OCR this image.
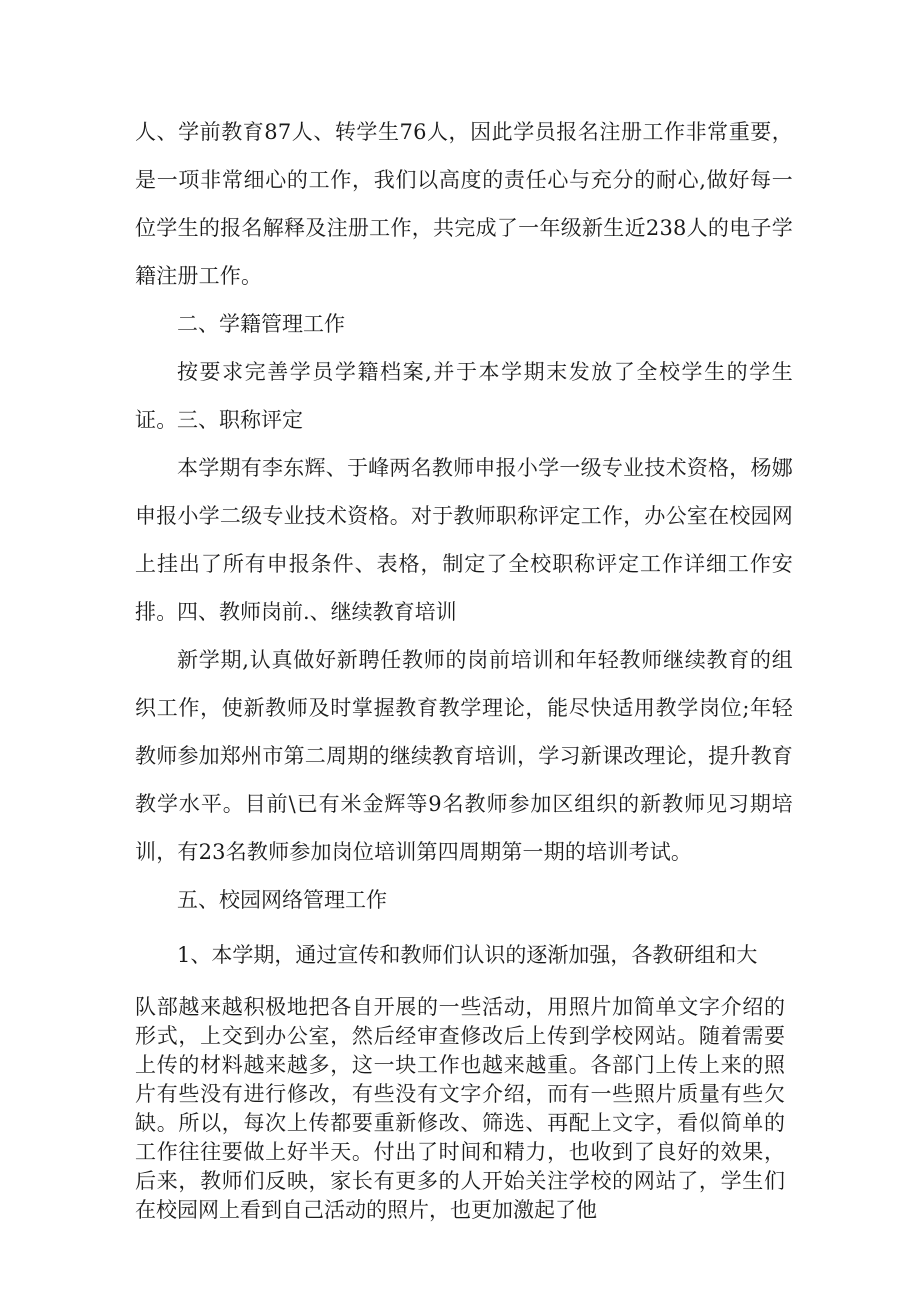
人、学前教育87人、转学生76人，因此学员报名注册工作非常重要，是一项非常细心的工作，我们以高度的责任心与充分的耐心,做好每一位学生的报名解释及注册工作，共完成了一年级新生近238人的电子学籍注册工作。

二、学籍管理工作

按要求完善学员学籍档案,并于本学期末发放了全校学生的学生证。 三、职称评定

本学期有李东辉、于峰两名教师申报小学一级专业技术资格，杨娜申报小学二级专业技术资格。对于教师职称评定工作，办公室在校园网上挂出了所有申报条件、表格，制定了全校职称评定工作详细工作安排。 四、教师岗前.、继续教育培训

新学期,认真做好新聘任教师的岗前培训和年轻教师继续教育的组织工作，使新教师及时掌握教育教学理论，能尽快适用教学岗位;年轻教师参加郑州市第二周期的继续教育培训，学习新课改理论，提升教育教学水平。目前\已有米金辉等9名教师参加区组织的新教师见习期培训，有23名教师参加岗位培训第四周期第一期的培训考试。

五、校园网络管理工作

1、本学期，通过宣传和教师们认识的逐渐加强，各教研组和大

队部越来越积极地把各自开展的一些活动，用照片加简单文字介绍的形式，上交到办公室，然后经审查修改后上传到学校网站。随着需要上传的材料越来越多，这一块工作也越来越重。各部门上传上来的照片有些没有进行修改，有些没有文字介绍，而有一些照片质量有些欠缺。所以，每次上传都要重新修改、筛选、再配上文字，看似简单的工作往往要做上好半天。付出了时间和精力，也收到了良好的效果，后来，教师们反映，家长有更多的人开始关注学校的网站了，学生们在校园网上看到自己活动的照片，也更加激起了他
